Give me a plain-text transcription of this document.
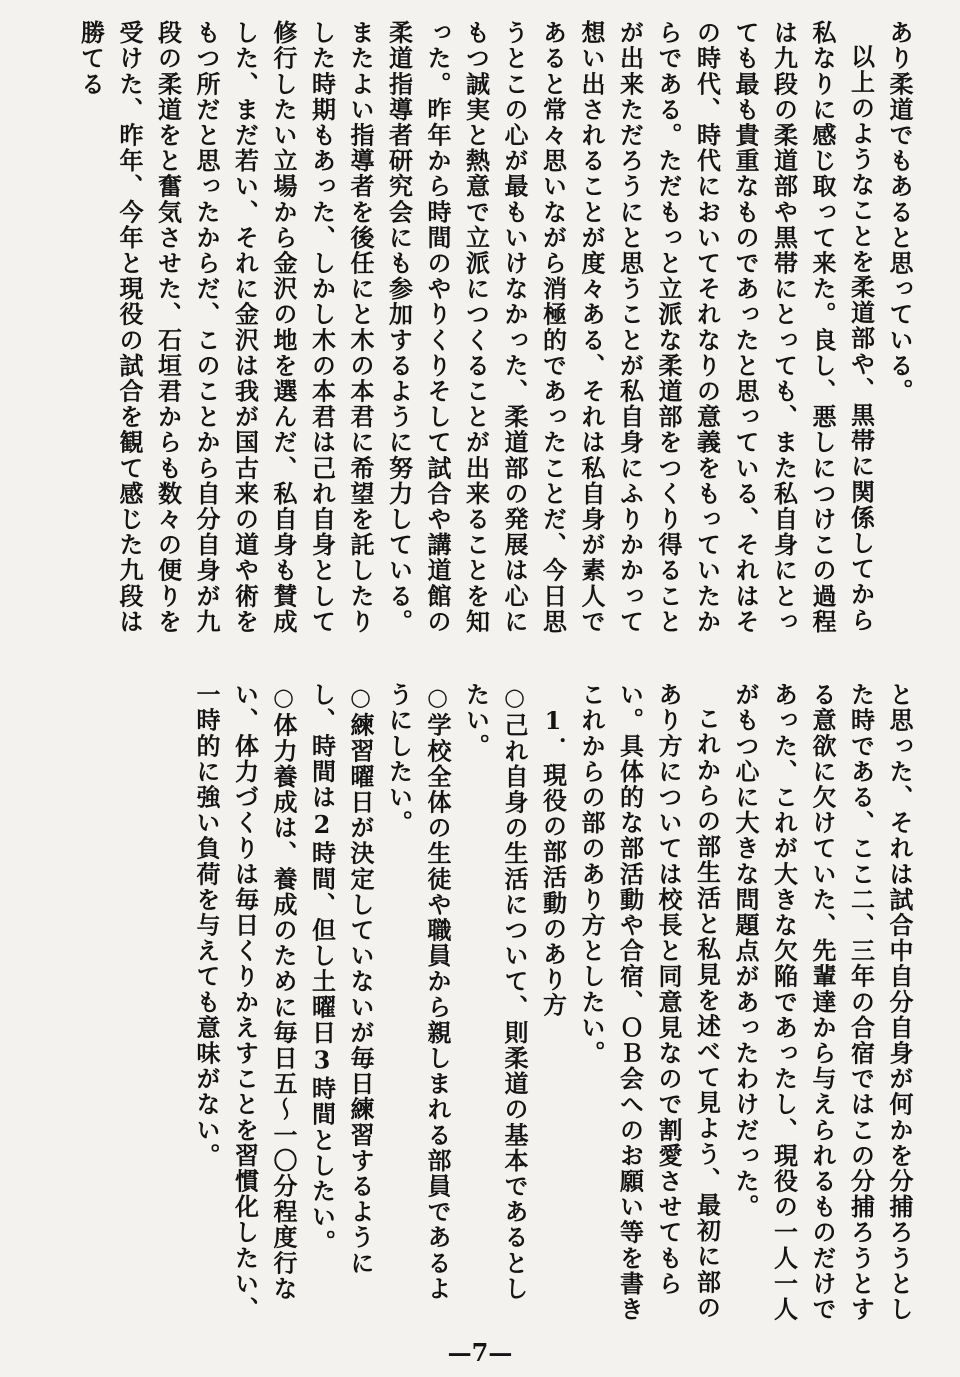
あり柔道でもあると思っている。

以上のようなことを柔道部や、黒帯に関係してから私なりに感じ取って来た。良し、悪しにつけこの過程は九段の柔道部や黒帯にとっても、また私自身にとっても最も貴重なものであったと思っている、それはその時代、時代においてそれなりの意義をもっていたからである。ただもっと立派な柔道部をつくり得ることが出来ただろうにと思うことが私自身にふりかかって想い出されることが度々ある、それは私自身が素人であると常々思いながら消極的であったことだ、今日思うとこの心が最もいけなかった、柔道部の発展は心にもつ誠実と熱意で立派につくることが出来ることを知った。昨年から時間のやりくりそして試合や講道館の柔道指導者研究会にも参加するように努力している。またよい指導者を後任にと木の本君に希望を託したりした時期もあった、しかし木の本君は己れ自身として修行したい立場から金沢の地を選んだ、私自身も賛成した、まだ若い、それに金沢は我が国古来の道や術をもつ所だと思ったからだ、このことから自分自身が九段の柔道をと奮気させた、石垣君からも数々の便りを受けた、昨年、今年と現役の試合を観て感じた九段は勝てる

と思った、それは試合中自分自身が何かを分捕ろうとした時である、ここ二、三年の合宿ではこの分捕ろうとする意欲に欠けていた、先輩達から与えられるものだけであった、これが大きな欠陥であったし、現役の一人一人がもつ心に大きな問題点があったわけだった。

これからの部生活と私見を述べて見よう、最初に部のあり方については校長と同意見なので割愛させてもらい。具体的な部活動や合宿、ＯＢ会へのお願い等を書きこれからの部のあり方としたい。

1．現役の部活動のあり方

○己れ自身の生活について、則柔道の基本であるとしたい。

○学校全体の生徒や職員から親しまれる部員であるようにしたい。

○練習曜日が決定していないが毎日練習するようにし、時間は2時間、但し土曜日3時間としたい。

○体力養成は、養成のために毎日五〜一〇分程度行ない、体力づくりは毎日くりかえすことを習慣化したい、一時的に強い負荷を与えても意味がない。

—7—
